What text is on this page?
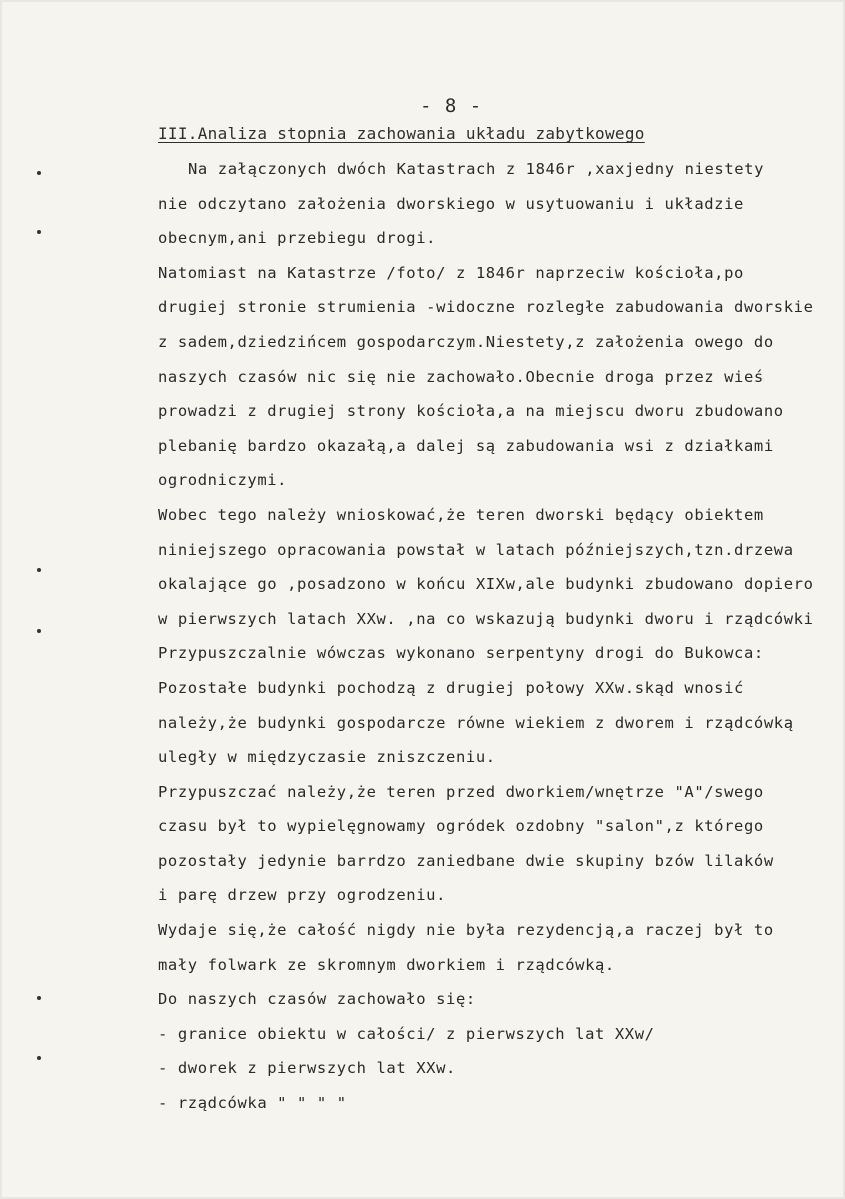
- 8 -
III.Analiza stopnia zachowania układu zabytkowego
Na załączonych dwóch Katastrach z 1846r ,xaxjedny niestety
nie odczytano założenia dworskiego w usytuowaniu i układzie
obecnym,ani przebiegu drogi.
Natomiast na Katastrze /foto/ z 1846r naprzeciw kościoła,po
drugiej stronie strumienia -widoczne rozległe zabudowania dworskie
z sadem,dziedzińcem gospodarczym.Niestety,z założenia owego do
naszych czasów nic się nie zachowało.Obecnie droga przez wieś
prowadzi z drugiej strony kościoła,a na miejscu dworu zbudowano
plebanię bardzo okazałą,a dalej są zabudowania wsi z działkami
ogrodniczymi.
Wobec tego należy wnioskować,że teren dworski będący obiektem
niniejszego opracowania powstał w latach późniejszych,tzn.drzewa
okalające go ,posadzono w końcu XIXw,ale budynki zbudowano dopiero
w pierwszych latach XXw. ,na co wskazują budynki dworu i rządcówki
Przypuszczalnie wówczas wykonano serpentyny drogi do Bukowca:
Pozostałe budynki pochodzą z drugiej połowy XXw.skąd wnosić
należy,że budynki gospodarcze równe wiekiem z dworem i rządcówką
uległy w międzyczasie zniszczeniu.
Przypuszczać należy,że teren przed dworkiem/wnętrze "A"/swego
czasu był to wypielęgnowamy ogródek ozdobny "salon",z którego
pozostały jedynie barrdzo zaniedbane dwie skupiny bzów lilaków
i parę drzew przy ogrodzeniu.
Wydaje się,że całość nigdy nie była rezydencją,a raczej był to
mały folwark ze skromnym dworkiem i rządcówką.
Do naszych czasów zachowało się:
- granice obiektu w całości/ z pierwszych lat XXw/
- dworek z pierwszych lat XXw.
- rządcówka " " " "
